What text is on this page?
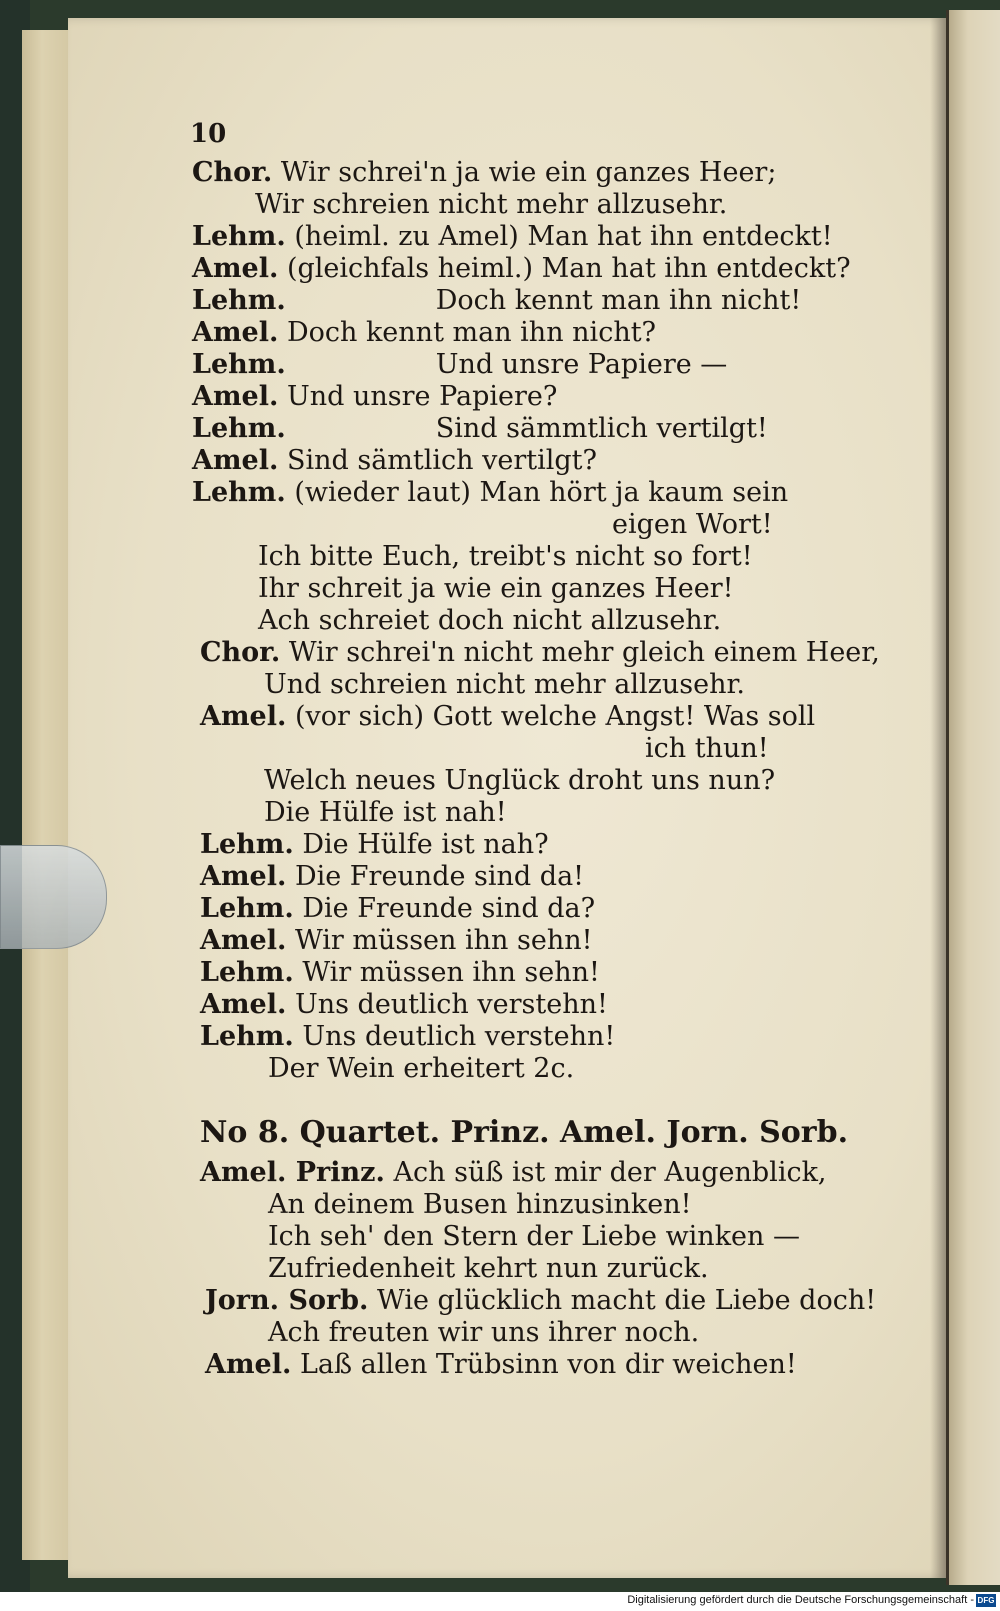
10
Chor. Wir schrei'n ja wie ein ganzes Heer;
Wir schreien nicht mehr allzusehr.
Lehm. (heiml. zu Amel) Man hat ihn entdeckt!
Amel. (gleichfals heiml.) Man hat ihn entdeckt?
Lehm.	Doch kennt man ihn nicht!
Amel. Doch kennt man ihn nicht?
Lehm.	Und unsre Papiere —
Amel. Und unsre Papiere?
Lehm.	Sind sämmtlich vertilgt!
Amel. Sind sämtlich vertilgt?
Lehm. (wieder laut) Man hört ja kaum sein
eigen Wort!
Ich bitte Euch, treibt's nicht so fort!
Ihr schreit ja wie ein ganzes Heer!
Ach schreiet doch nicht allzusehr.
Chor. Wir schrei'n nicht mehr gleich einem Heer,
Und schreien nicht mehr allzusehr.
Amel. (vor sich) Gott welche Angst! Was soll
ich thun!
Welch neues Unglück droht uns nun?
Die Hülfe ist nah!
Lehm. Die Hülfe ist nah?
Amel. Die Freunde sind da!
Lehm. Die Freunde sind da?
Amel. Wir müssen ihn sehn!
Lehm. Wir müssen ihn sehn!
Amel. Uns deutlich verstehn!
Lehm. Uns deutlich verstehn!
Der Wein erheitert 2c.
No 8. Quartet. Prinz. Amel. Jorn. Sorb.
Amel. Prinz. Ach süß ist mir der Augenblick,
An deinem Busen hinzusinken!
Ich seh' den Stern der Liebe winken —
Zufriedenheit kehrt nun zurück.
Jorn. Sorb. Wie glücklich macht die Liebe doch!
Ach freuten wir uns ihrer noch.
Amel. Laß allen Trübsinn von dir weichen!
Digitalisierung gefördert durch die Deutsche Forschungsgemeinschaft - DFG
